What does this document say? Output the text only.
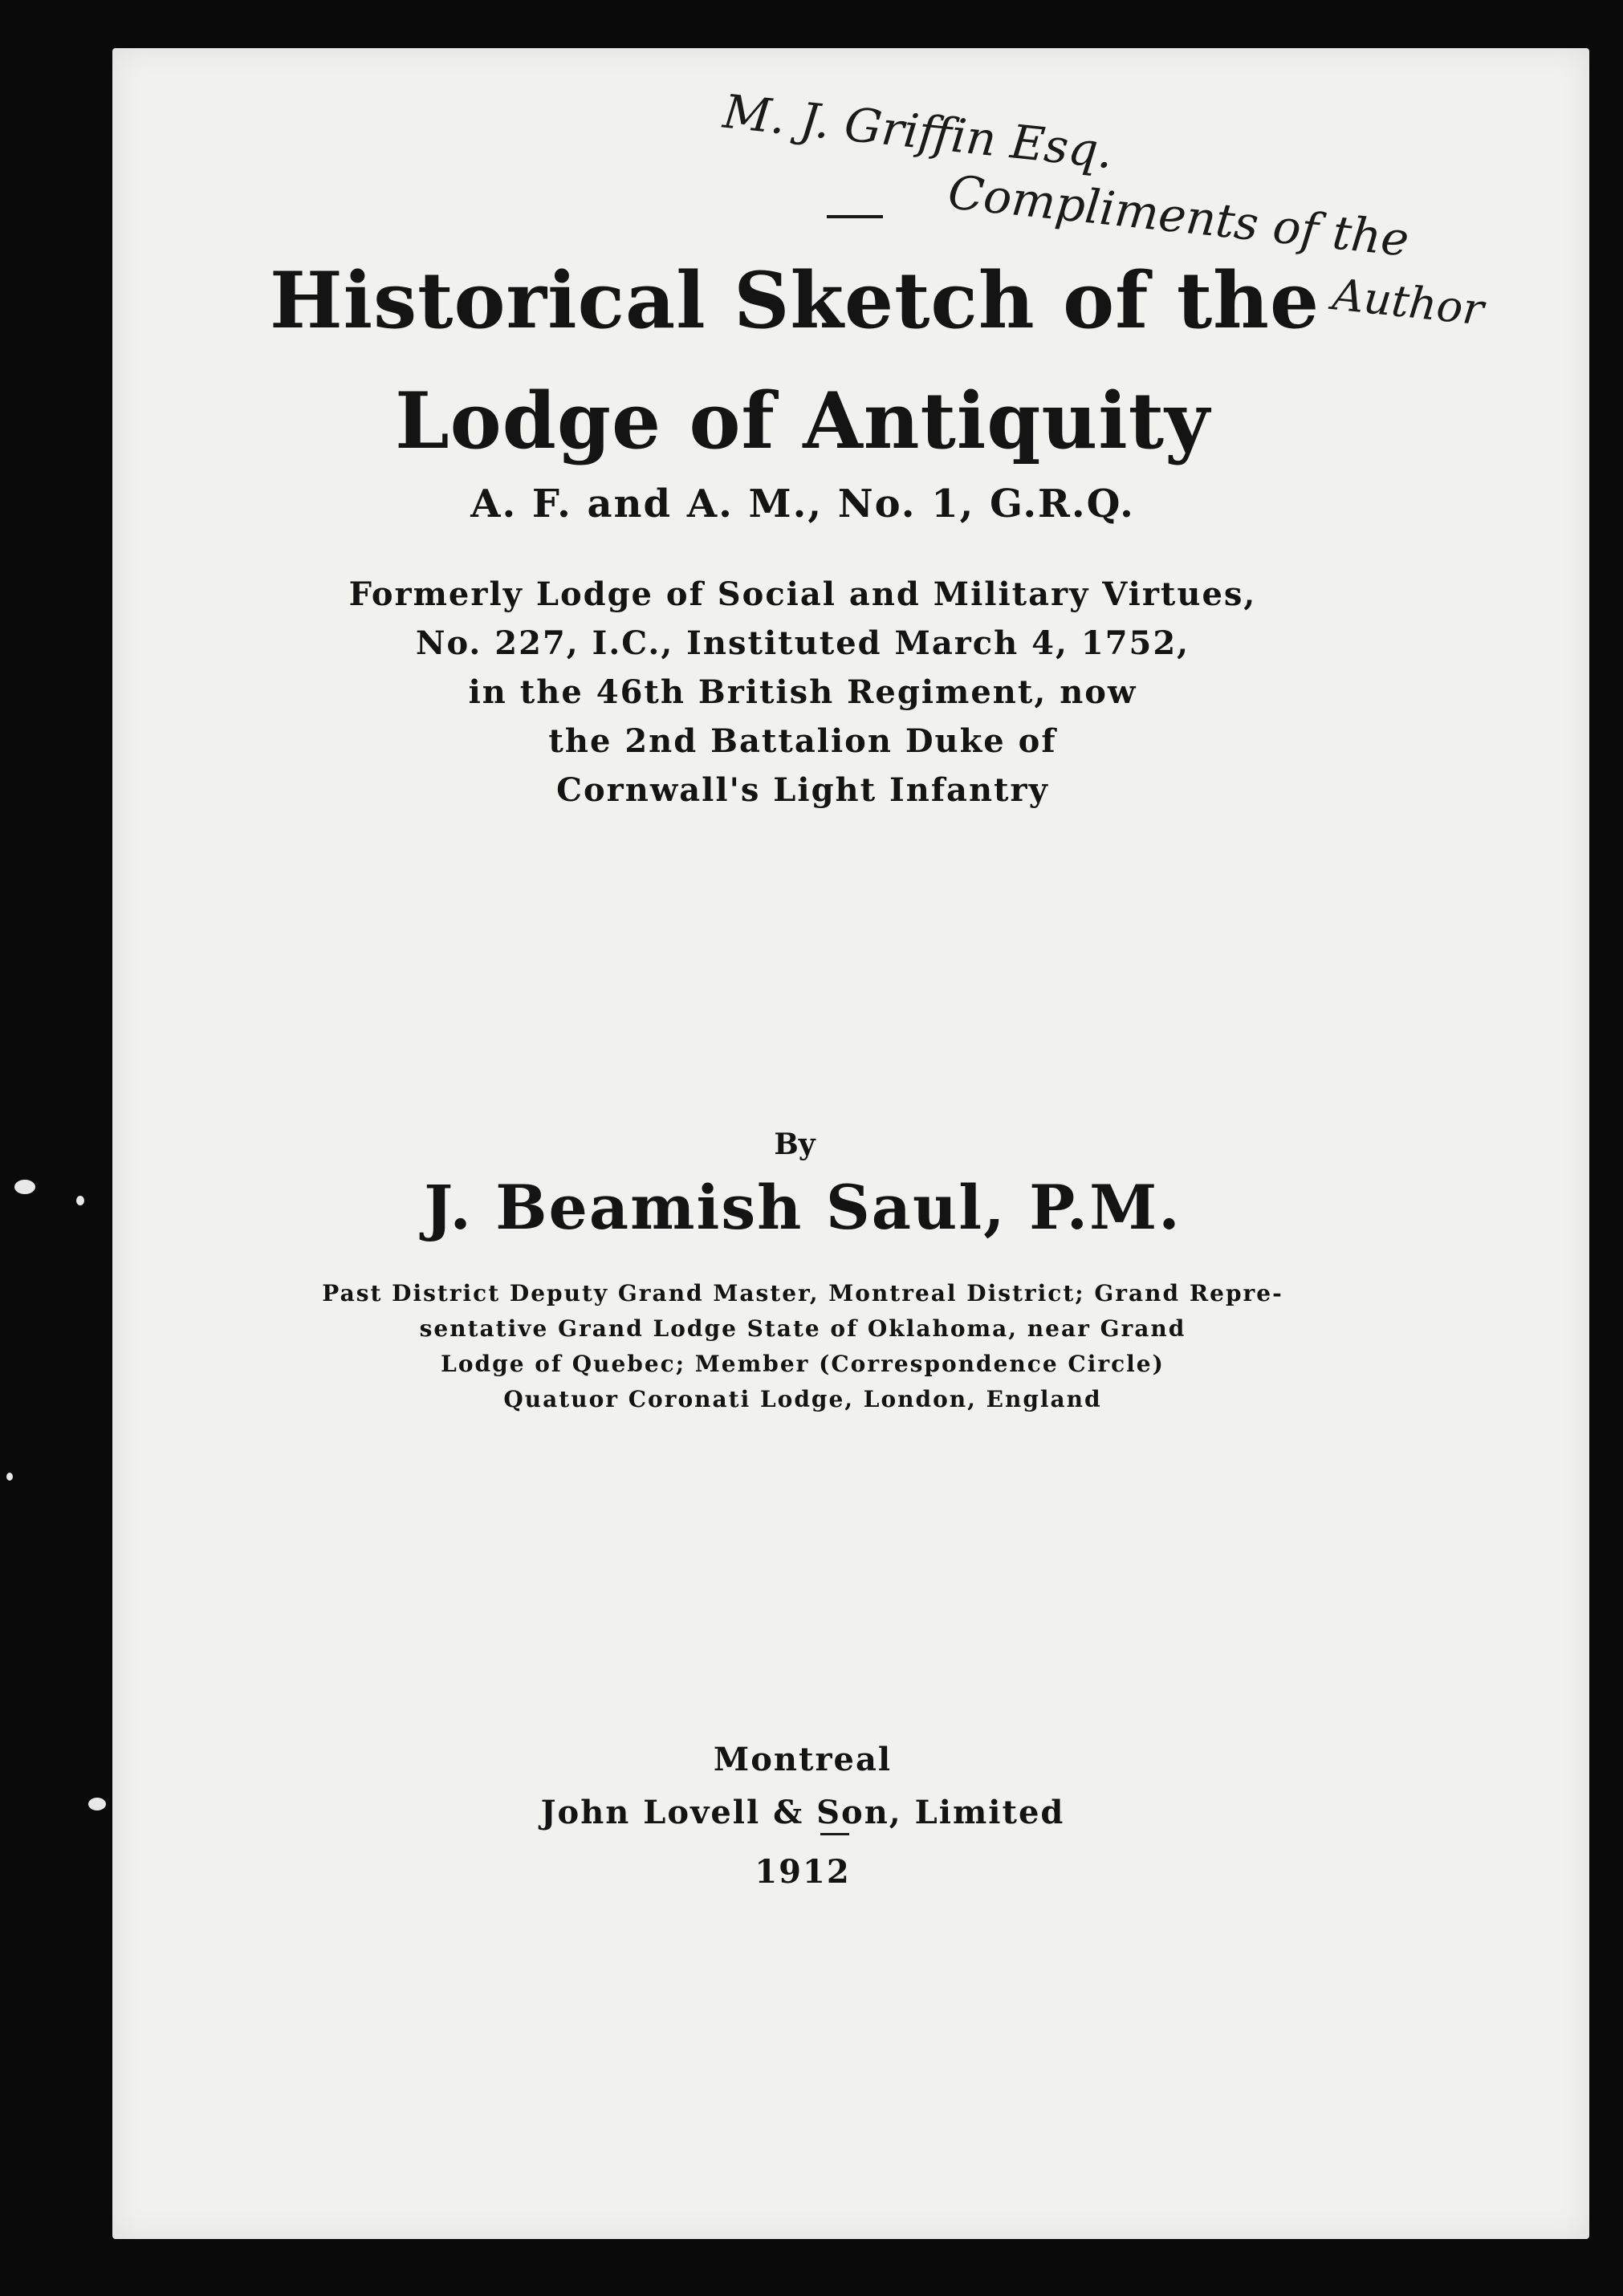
M. J. Griffin Esq.
Compliments of the
Author
Historical Sketch of the
Lodge of Antiquity
A. F. and A. M., No. 1, G.R.Q.
Formerly Lodge of Social and Military Virtues,
No. 227, I.C., Instituted March 4, 1752,
in the 46th British Regiment, now
the 2nd Battalion Duke of
Cornwall's Light Infantry
By
J. Beamish Saul, P.M.
Past District Deputy Grand Master, Montreal District; Grand Repre-
sentative Grand Lodge State of Oklahoma, near Grand
Lodge of Quebec; Member (Correspondence Circle)
Quatuor Coronati Lodge, London, England
Montreal
John Lovell & Son, Limited
1912
